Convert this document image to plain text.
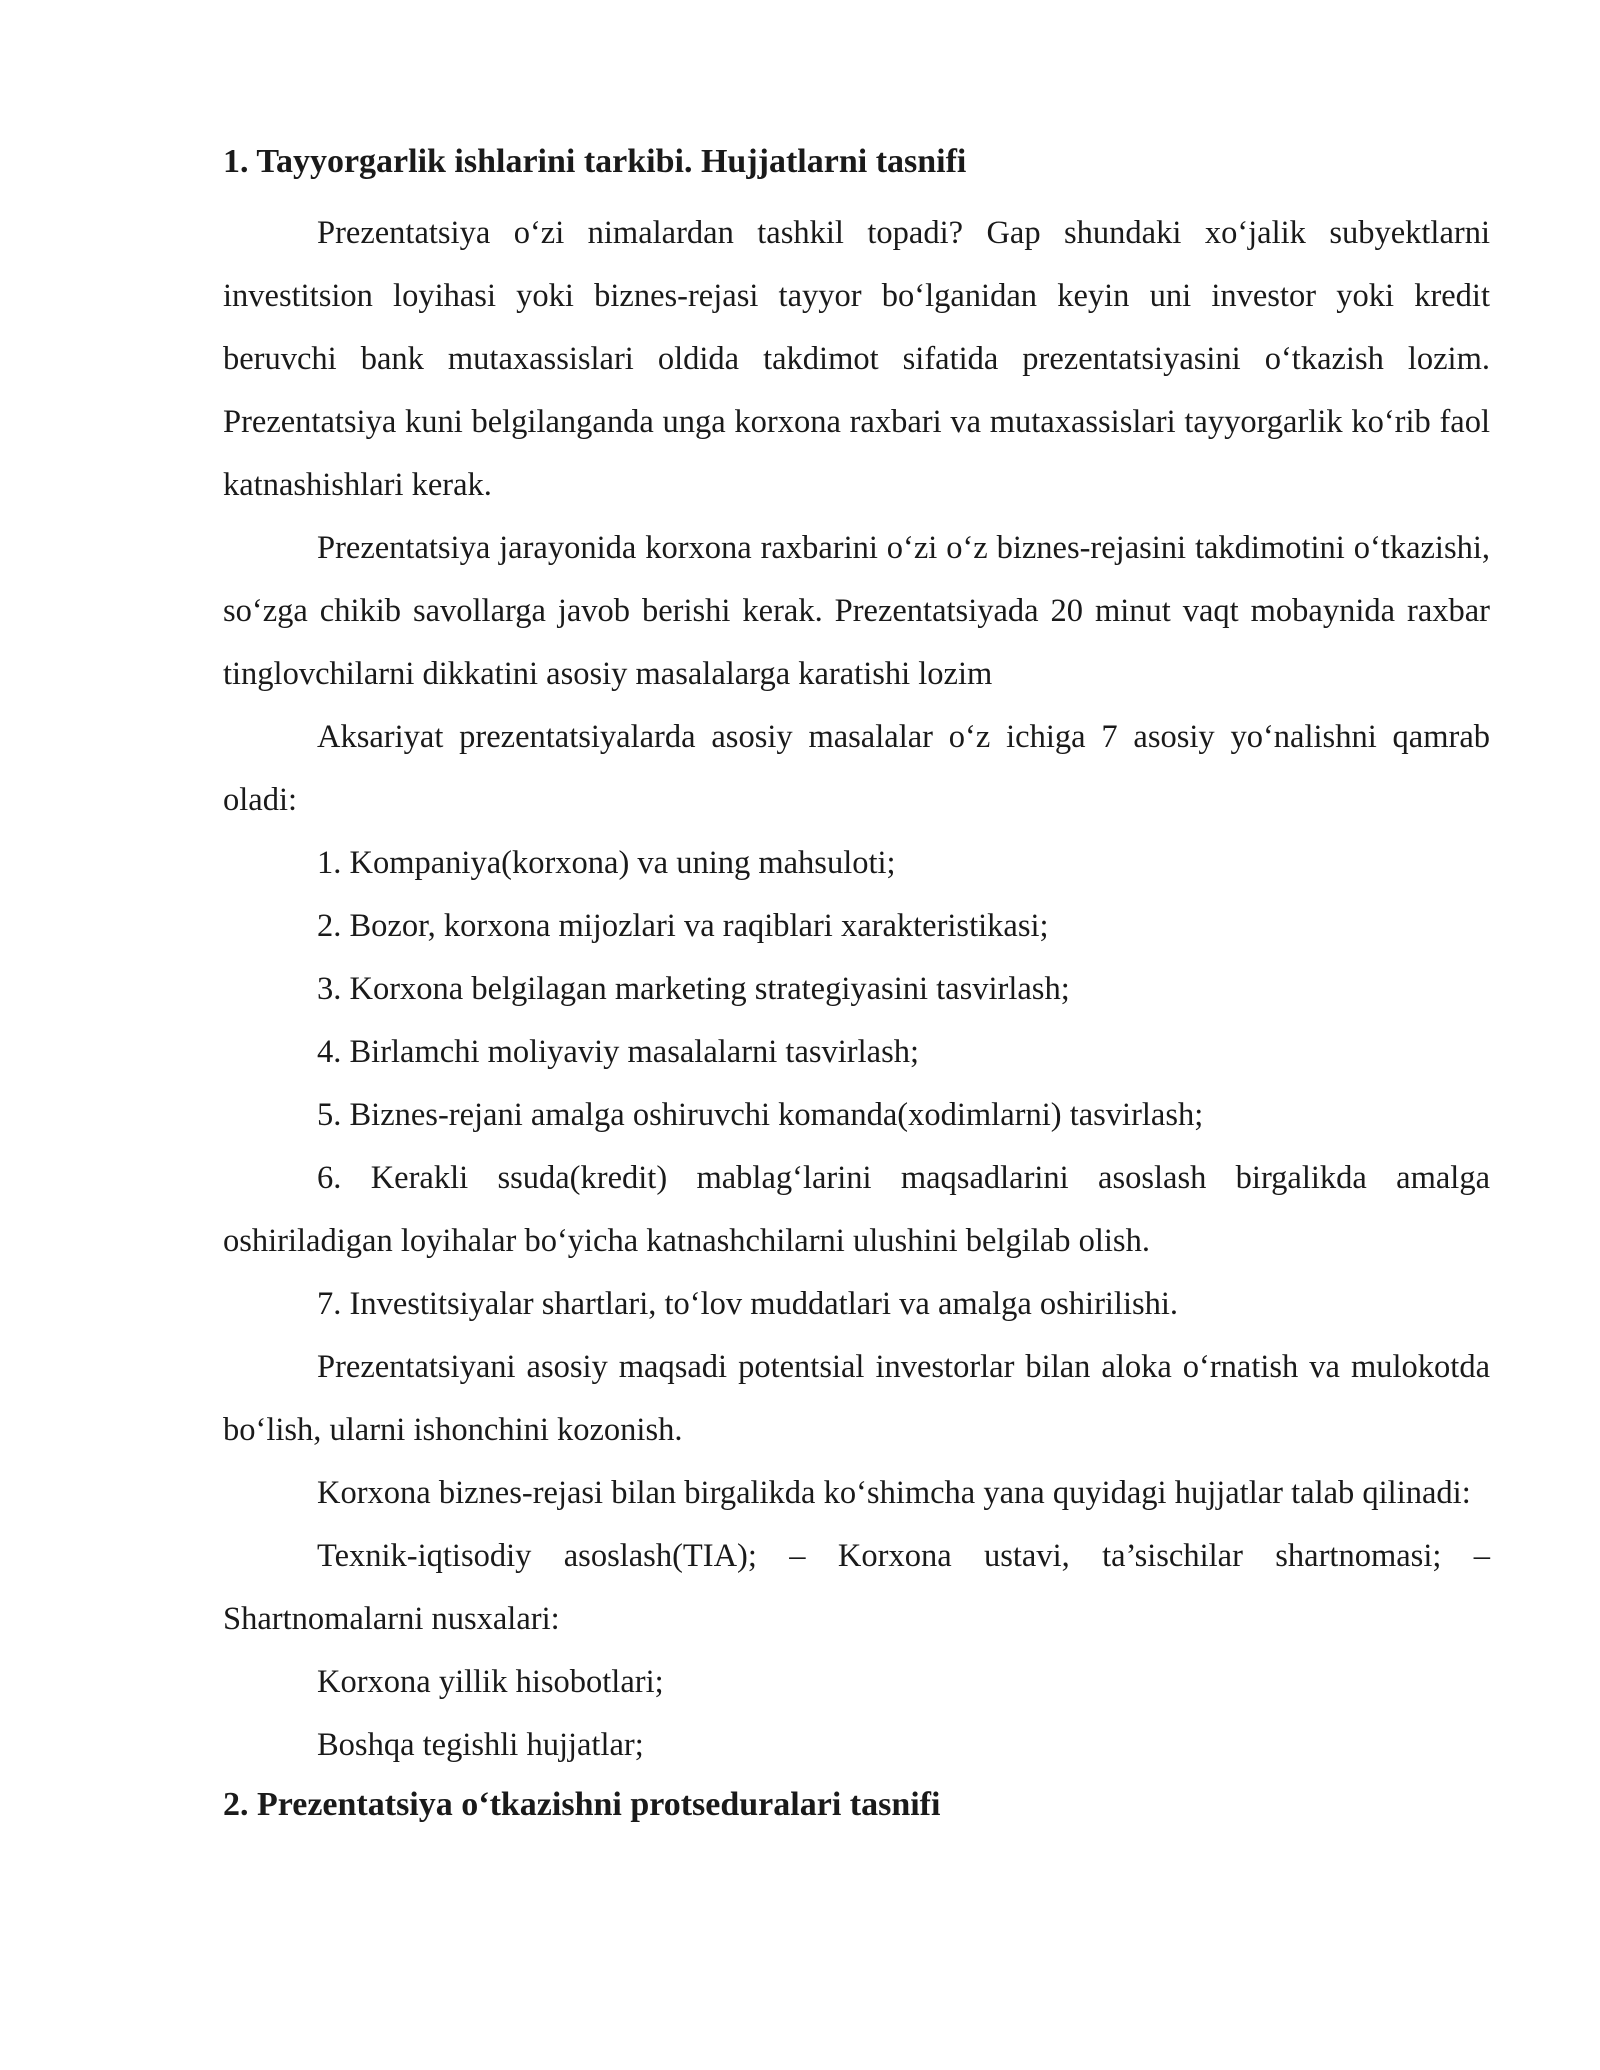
1. Tayyorgarlik ishlarini tarkibi. Hujjatlarni tasnifi

Prezentatsiya o‘zi nimalardan tashkil topadi? Gap shundaki xo‘jalik subyektlarni investitsion loyihasi yoki biznes-rejasi tayyor bo‘lganidan keyin uni investor yoki kredit beruvchi bank mutaxassislari oldida takdimot sifatida prezentatsiyasini o‘tkazish lozim. Prezentatsiya kuni belgilanganda unga korxona raxbari va mutaxassislari tayyorgarlik ko‘rib faol katnashishlari kerak.

Prezentatsiya jarayonida korxona raxbarini o‘zi o‘z biznes-rejasini takdimotini o‘tkazishi, so‘zga chikib savollarga javob berishi kerak. Prezentatsiyada 20 minut vaqt mobaynida raxbar tinglovchilarni dikkatini asosiy masalalarga karatishi lozim

Aksariyat prezentatsiyalarda asosiy masalalar o‘z ichiga 7 asosiy yo‘nalishni qamrab oladi:

1. Kompaniya(korxona) va uning mahsuloti;

2. Bozor, korxona mijozlari va raqiblari xarakteristikasi;

3. Korxona belgilagan marketing strategiyasini tasvirlash;

4. Birlamchi moliyaviy masalalarni tasvirlash;

5. Biznes-rejani amalga oshiruvchi komanda(xodimlarni) tasvirlash;

6. Kerakli ssuda(kredit) mablag‘larini maqsadlarini asoslash birgalikda amalga oshiriladigan loyihalar bo‘yicha katnashchilarni ulushini belgilab olish.

7. Investitsiyalar shartlari, to‘lov muddatlari va amalga oshirilishi.

Prezentatsiyani asosiy maqsadi potentsial investorlar bilan aloka o‘rnatish va mulokotda bo‘lish, ularni ishonchini kozonish.

Korxona biznes-rejasi bilan birgalikda ko‘shimcha yana quyidagi hujjatlar talab qilinadi:

Texnik-iqtisodiy asoslash(TIA); – Korxona ustavi, ta’sischilar shartnomasi; – Shartnomalarni nusxalari:

Korxona yillik hisobotlari;

Boshqa tegishli hujjatlar;

2. Prezentatsiya o‘tkazishni protseduralari tasnifi
